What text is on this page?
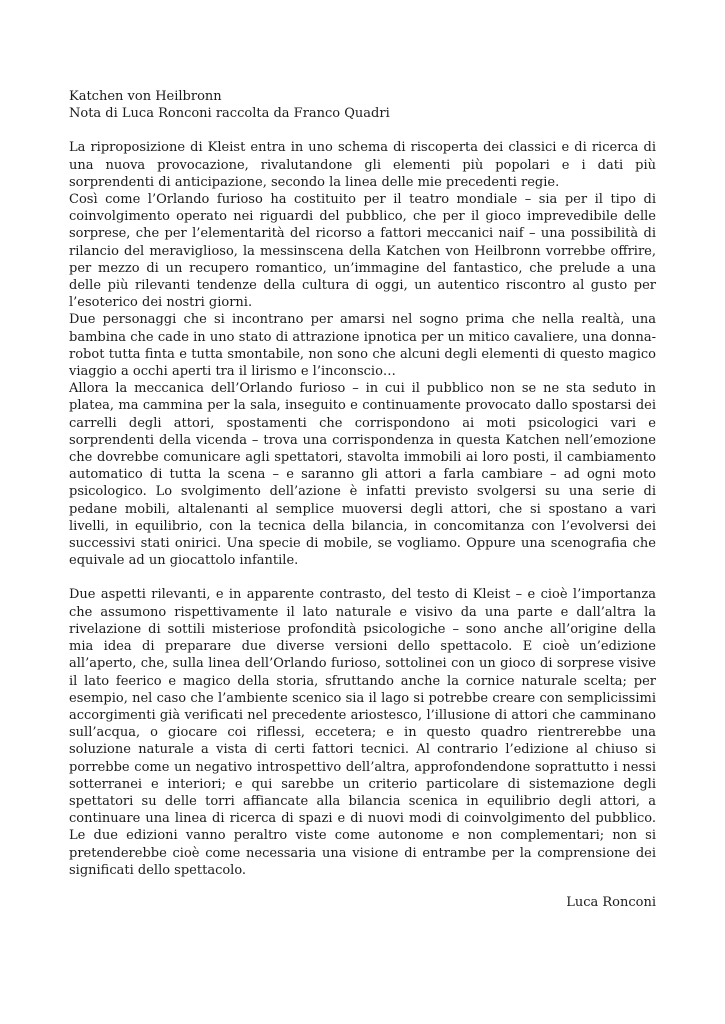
Katchen von Heilbronn

Nota di Luca Ronconi raccolta da Franco Quadri

La riproposizione di Kleist entra in uno schema di riscoperta dei classici e di ricerca di una nuova provocazione, rivalutandone gli elementi più popolari e i dati più sorprendenti di anticipazione, secondo la linea delle mie precedenti regie.

Così come l’Orlando furioso ha costituito per il teatro mondiale – sia per il tipo di coinvolgimento operato nei riguardi del pubblico, che per il gioco imprevedibile delle sorprese, che per l’elementarità del ricorso a fattori meccanici naif – una possibilità di rilancio del meraviglioso, la messinscena della Katchen von Heilbronn vorrebbe offrire, per mezzo di un recupero romantico, un’immagine del fantastico, che prelude a una delle più rilevanti tendenze della cultura di oggi, un autentico riscontro al gusto per l’esoterico dei nostri giorni.

Due personaggi che si incontrano per amarsi nel sogno prima che nella realtà, una bambina che cade in uno stato di attrazione ipnotica per un mitico cavaliere, una donna-robot tutta finta e tutta smontabile, non sono che alcuni degli elementi di questo magico viaggio a occhi aperti tra il lirismo e l’inconscio…

Allora la meccanica dell’Orlando furioso – in cui il pubblico non se ne sta seduto in platea, ma cammina per la sala, inseguito e continuamente provocato dallo spostarsi dei carrelli degli attori, spostamenti che corrispondono ai moti psicologici vari e sorprendenti della vicenda – trova una corrispondenza in questa Katchen nell’emozione che dovrebbe comunicare agli spettatori, stavolta immobili ai loro posti, il cambiamento automatico di tutta la scena – e saranno gli attori a farla cambiare – ad ogni moto psicologico. Lo svolgimento dell’azione è infatti previsto svolgersi su una serie di pedane mobili, altalenanti al semplice muoversi degli attori, che si spostano a vari livelli, in equilibrio, con la tecnica della bilancia, in concomitanza con l’evolversi dei successivi stati onirici. Una specie di mobile, se vogliamo. Oppure una scenografia che equivale ad un giocattolo infantile.

Due aspetti rilevanti, e in apparente contrasto, del testo di Kleist – e cioè l’importanza che assumono rispettivamente il lato naturale e visivo da una parte e dall’altra la rivelazione di sottili misteriose profondità psicologiche – sono anche all’origine della mia idea di preparare due diverse versioni dello spettacolo. E cioè un’edizione all’aperto, che, sulla linea dell’Orlando furioso, sottolinei con un gioco di sorprese visive il lato feerico e magico della storia, sfruttando anche la cornice naturale scelta; per esempio, nel caso che l’ambiente scenico sia il lago si potrebbe creare con semplicissimi accorgimenti già verificati nel precedente ariostesco, l’illusione di attori che camminano sull’acqua, o giocare coi riflessi, eccetera; e in questo quadro rientrerebbe una soluzione naturale a vista di certi fattori tecnici. Al contrario l’edizione al chiuso si porrebbe come un negativo introspettivo dell’altra, approfondendone soprattutto i nessi sotterranei e interiori; e qui sarebbe un criterio particolare di sistemazione degli spettatori su delle torri affiancate alla bilancia scenica in equilibrio degli attori, a continuare una linea di ricerca di spazi e di nuovi modi di coinvolgimento del pubblico. Le due edizioni vanno peraltro viste come autonome e non complementari; non si pretenderebbe cioè come necessaria una visione di entrambe per la comprensione dei significati dello spettacolo.

Luca Ronconi
